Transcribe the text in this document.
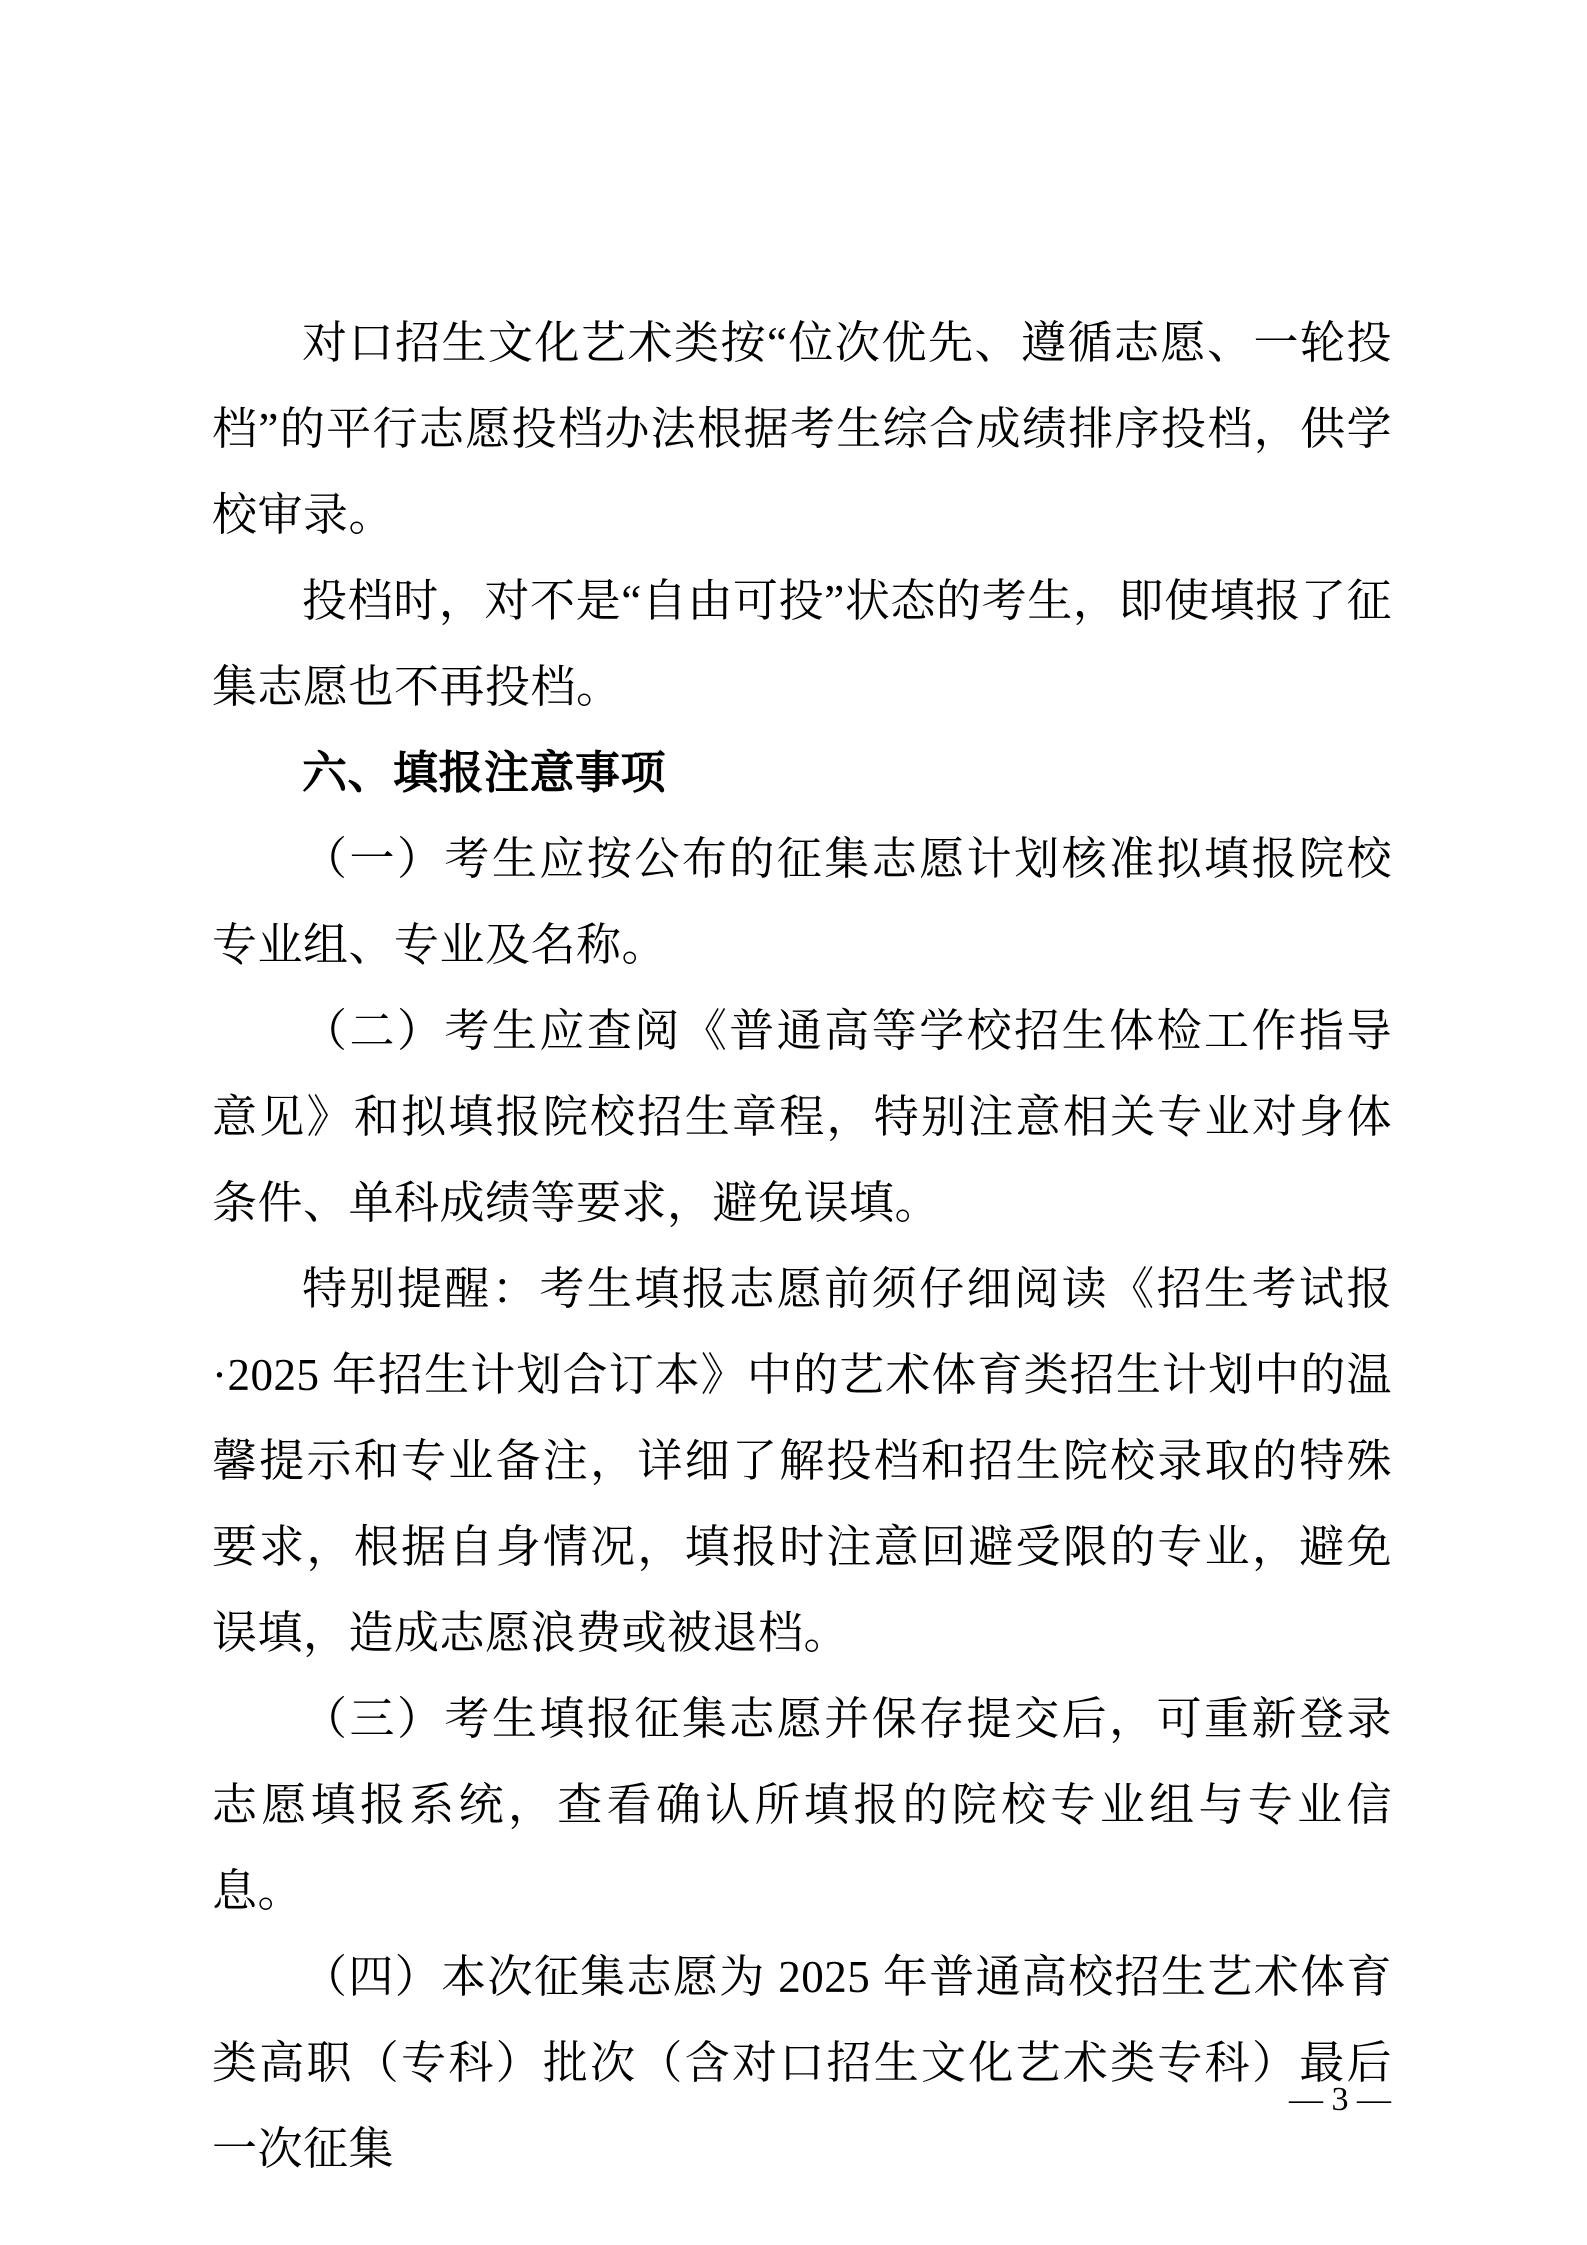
对口招生文化艺术类按“位次优先、遵循志愿、一轮投档”的平行志愿投档办法根据考生综合成绩排序投档，供学校审录。

投档时，对不是“自由可投”状态的考生，即使填报了征集志愿也不再投档。

六、填报注意事项

（一）考生应按公布的征集志愿计划核准拟填报院校专业组、专业及名称。

（二）考生应查阅《普通高等学校招生体检工作指导意见》和拟填报院校招生章程，特别注意相关专业对身体条件、单科成绩等要求，避免误填。

特别提醒：考生填报志愿前须仔细阅读《招生考试报·2025 年招生计划合订本》中的艺术体育类招生计划中的温馨提示和专业备注，详细了解投档和招生院校录取的特殊要求，根据自身情况，填报时注意回避受限的专业，避免误填，造成志愿浪费或被退档。

（三）考生填报征集志愿并保存提交后，可重新登录志愿填报系统，查看确认所填报的院校专业组与专业信息。

（四）本次征集志愿为 2025 年普通高校招生艺术体育类高职（专科）批次（含对口招生文化艺术类专科）最后一次征集

— 3 —
